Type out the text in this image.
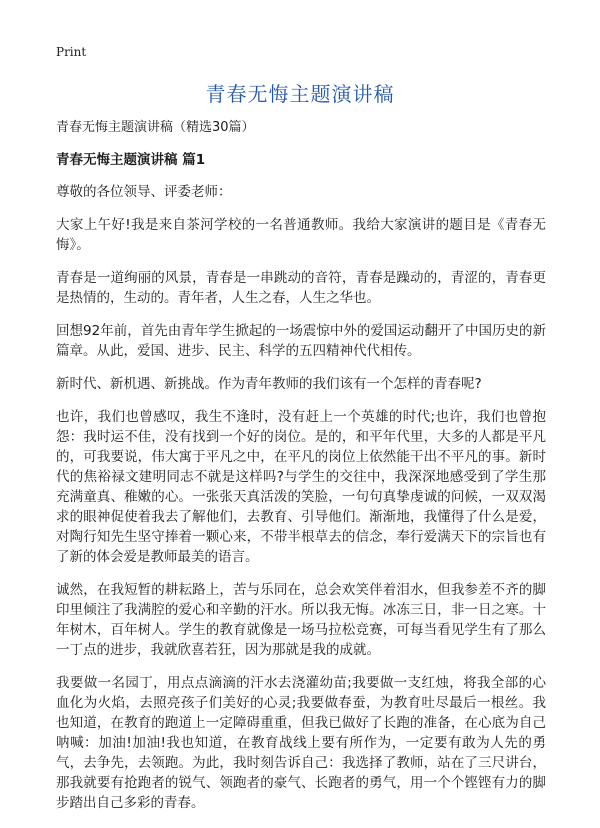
Print
青春无悔主题演讲稿

青春无悔主题演讲稿（精选30篇）

青春无悔主题演讲稿 篇1

尊敬的各位领导、评委老师：

大家上午好!我是来自茶河学校的一名普通教师。我给大家演讲的题目是《青春无悔》。

青春是一道绚丽的风景，青春是一串跳动的音符，青春是躁动的，青涩的，青春更是热情的，生动的。青年者，人生之春，人生之华也。

回想92年前，首先由青年学生掀起的一场震惊中外的爱国运动翻开了中国历史的新篇章。从此，爱国、进步、民主、科学的五四精神代代相传。

新时代、新机遇、新挑战。作为青年教师的我们该有一个怎样的青春呢?

也许，我们也曾感叹，我生不逢时，没有赶上一个英雄的时代;也许，我们也曾抱怨：我时运不佳，没有找到一个好的岗位。是的，和平年代里，大多的人都是平凡的，可我要说，伟大寓于平凡之中，在平凡的岗位上依然能干出不平凡的事。新时代的焦裕禄文建明同志不就是这样吗?与学生的交往中，我深深地感受到了学生那充满童真、稚嫩的心。一张张天真活泼的笑脸，一句句真挚虔诚的问候，一双双渴求的眼神促使着我去了解他们，去教育、引导他们。渐渐地，我懂得了什么是爱，对陶行知先生坚守捧着一颗心来，不带半根草去的信念，奉行爱满天下的宗旨也有了新的体会爱是教师最美的语言。

诚然，在我短暂的耕耘路上，苦与乐同在，总会欢笑伴着泪水，但我参差不齐的脚印里倾注了我满腔的爱心和辛勤的汗水。所以我无悔。冰冻三日，非一日之寒。十年树木，百年树人。学生的教育就像是一场马拉松竞赛，可每当看见学生有了那么一丁点的进步，我就欣喜若狂，因为那就是我的成就。

我要做一名园丁，用点点滴滴的汗水去浇灌幼苗;我要做一支红烛，将我全部的心血化为火焰，去照亮孩子们美好的心灵;我要做春蚕，为教育吐尽最后一根丝。我也知道，在教育的跑道上一定障碍重重，但我已做好了长跑的准备，在心底为自己呐喊：加油!加油!我也知道，在教育战线上要有所作为，一定要有敢为人先的勇气，去争先，去领跑。为此，我时刻告诉自己：我选择了教师，站在了三尺讲台，那我就要有抢跑者的锐气、领跑者的豪气、长跑者的勇气，用一个个铿铿有力的脚步踏出自己多彩的青春。
